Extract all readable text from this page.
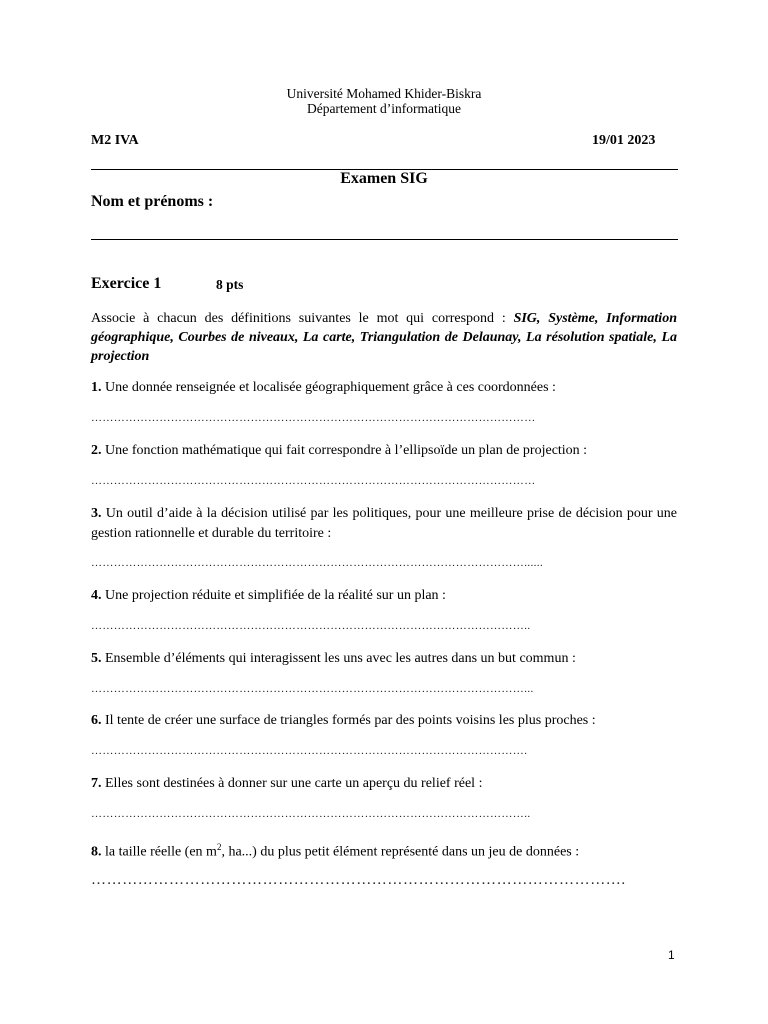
Université Mohamed Khider-Biskra
Département d’informatique
M2 IVA	19/01 2023
Examen SIG
Nom et prénoms :
Exercice 1	8 pts
Associe à chacun des définitions suivantes le mot qui correspond : SIG, Système, Information géographique, Courbes de niveaux, La carte, Triangulation de Delaunay, La résolution spatiale, La projection
1. Une donnée renseignée et localisée géographiquement grâce à ces coordonnées :
………………………………………………………………………………………………………
2. Une fonction mathématique qui fait correspondre à l’ellipsoïde un plan de projection :
………………………………………………………………………………………………………
3. Un outil d’aide à la décision utilisé par les politiques, pour une meilleure prise de décision pour une gestion rationnelle et durable du territoire :
……………………………………………………………………………………………………......
4. Une projection réduite et simplifiée de la réalité sur un plan :
……………………………………………………………………………………………………..
5. Ensemble d’éléments qui interagissent les uns avec les autres dans un but commun :
……………………………………………………………………………………………………...
6. Il tente de créer une surface de triangles formés par des points voisins les plus proches :
…………………………………………………………………………………………………….
7. Elles sont destinées à donner sur une carte un aperçu du relief réel :
……………………………………………………………………………………………………..
8. la taille réelle (en $m^2$, ha...) du plus petit élément représenté dans un jeu de données :
………………………………………………………………………………………….
1
